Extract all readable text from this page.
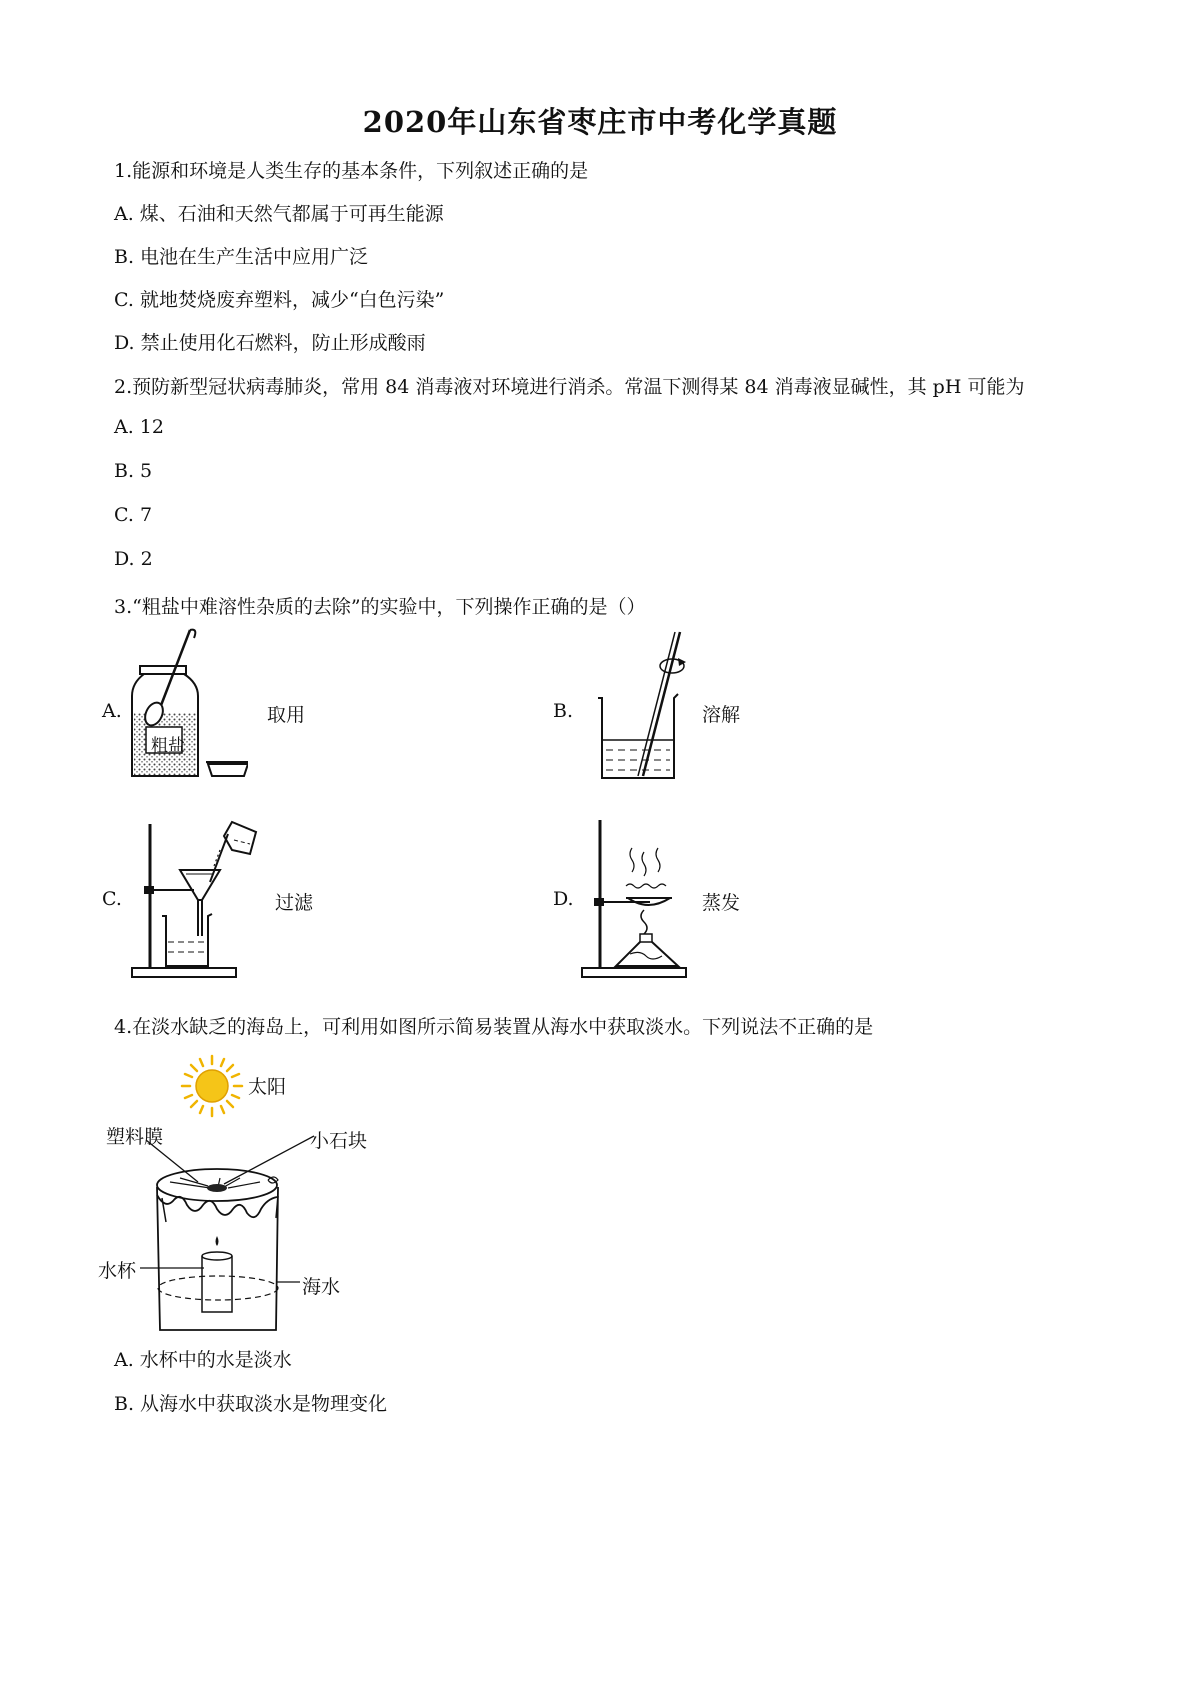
2020年山东省枣庄市中考化学真题
1.能源和环境是人类生存的基本条件，下列叙述正确的是
A. 煤、石油和天然气都属于可再生能源
B. 电池在生产生活中应用广泛
C. 就地焚烧废弃塑料，减少“白色污染”
D. 禁止使用化石燃料，防止形成酸雨
2.预防新型冠状病毒肺炎，常用 84 消毒液对环境进行消杀。常温下测得某 84 消毒液显碱性，其 pH 可能为
A. 12
B. 5
C. 7
D. 2
3.“粗盐中难溶性杂质的去除”的实验中，下列操作正确的是（）
A.
粗盐
取用	B.	溶解
C.	过滤	D.	蒸发
4.在淡水缺乏的海岛上，可利用如图所示简易装置从海水中获取淡水。下列说法不正确的是
太阳
塑料膜	小石块
水杯
海水
A. 水杯中的水是淡水
B. 从海水中获取淡水是物理变化
